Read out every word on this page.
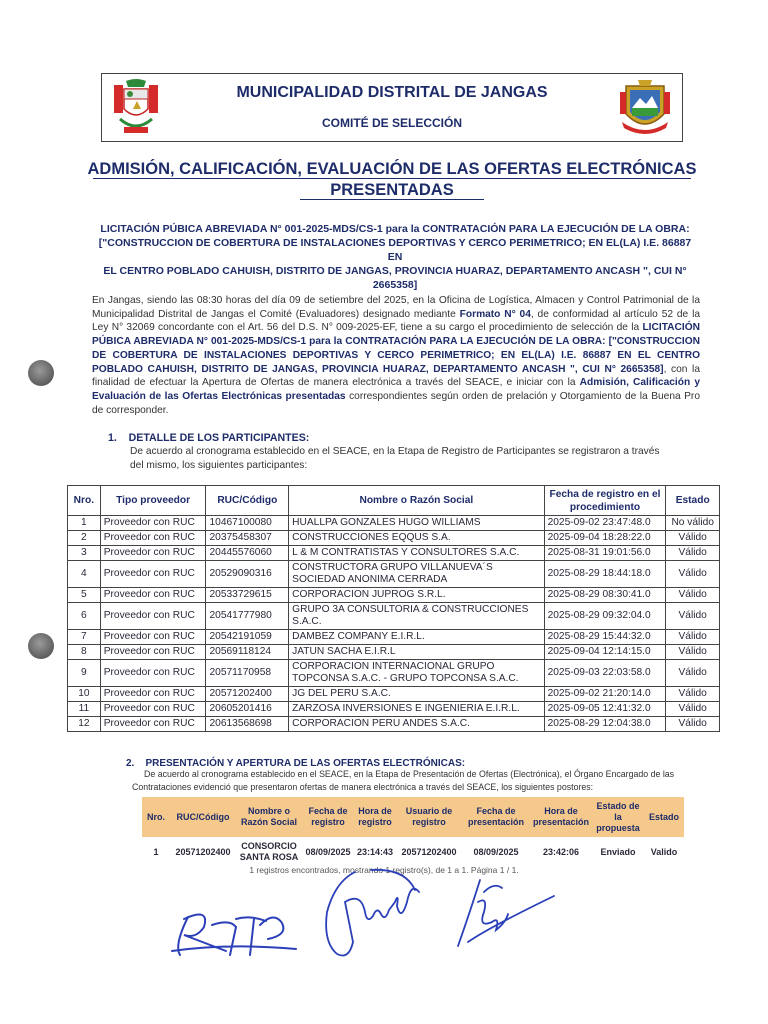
MUNICIPALIDAD DISTRITAL DE JANGAS
COMITÉ DE SELECCIÓN
ADMISIÓN, CALIFICACIÓN, EVALUACIÓN DE LAS OFERTAS ELECTRÓNICAS
PRESENTADAS
LICITACIÓN PÚBICA ABREVIADA N° 001-2025-MDS/CS-1 para la CONTRATACIÓN PARA LA EJECUCIÓN DE LA OBRA:
["CONSTRUCCION DE COBERTURA DE INSTALACIONES DEPORTIVAS Y CERCO PERIMETRICO; EN EL(LA) I.E. 86887 EN
EL CENTRO POBLADO CAHUISH, DISTRITO DE JANGAS, PROVINCIA HUARAZ, DEPARTAMENTO ANCASH ", CUI N°
2665358]
En Jangas, siendo las 08:30 horas del día 09 de setiembre del 2025, en la Oficina de Logística, Almacen y Control Patrimonial de la Municipalidad Distrital de Jangas el Comité (Evaluadores) designado mediante Formato N° 04, de conformidad al artículo 52 de la Ley N° 32069 concordante con el Art. 56 del D.S. N° 009-2025-EF, tiene a su cargo el procedimiento de selección de la LICITACIÓN PÚBICA ABREVIADA N° 001-2025-MDS/CS-1 para la CONTRATACIÓN PARA LA EJECUCIÓN DE LA OBRA: ["CONSTRUCCION DE COBERTURA DE INSTALACIONES DEPORTIVAS Y CERCO PERIMETRICO; EN EL(LA) I.E. 86887 EN EL CENTRO POBLADO CAHUISH, DISTRITO DE JANGAS, PROVINCIA HUARAZ, DEPARTAMENTO ANCASH ", CUI N° 2665358], con la finalidad de efectuar la Apertura de Ofertas de manera electrónica a través del SEACE, e iniciar con la Admisión, Calificación y Evaluación de las Ofertas Electrónicas presentadas correspondientes según orden de prelación y Otorgamiento de la Buena Pro de corresponder.
1.    DETALLE DE LOS PARTICIPANTES:
De acuerdo al cronograma establecido en el SEACE, en la Etapa de Registro de Participantes se registraron a través
del mismo, los siguientes participantes:
Nro.	Tipo proveedor	RUC/Código	Nombre o Razón Social	Fecha de registro en el procedimiento	Estado
1	Proveedor con RUC	10467100080	HUALLPA GONZALES HUGO WILLIAMS	2025-09-02 23:47:48.0	No válido
2	Proveedor con RUC	20375458307	CONSTRUCCIONES EQQUS S.A.	2025-09-04 18:28:22.0	Válido
3	Proveedor con RUC	20445576060	L & M CONTRATISTAS Y CONSULTORES S.A.C.	2025-08-31 19:01:56.0	Válido
4	Proveedor con RUC	20529090316	CONSTRUCTORA GRUPO VILLANUEVA´S SOCIEDAD ANONIMA CERRADA	2025-08-29 18:44:18.0	Válido
5	Proveedor con RUC	20533729615	CORPORACION JUPROG S.R.L.	2025-08-29 08:30:41.0	Válido
6	Proveedor con RUC	20541777980	GRUPO 3A CONSULTORIA & CONSTRUCCIONES S.A.C.	2025-08-29 09:32:04.0	Válido
7	Proveedor con RUC	20542191059	DAMBEZ COMPANY E.I.R.L.	2025-08-29 15:44:32.0	Válido
8	Proveedor con RUC	20569118124	JATUN SACHA E.I.R.L	2025-09-04 12:14:15.0	Válido
9	Proveedor con RUC	20571170958	CORPORACION INTERNACIONAL GRUPO TOPCONSA S.A.C. - GRUPO TOPCONSA S.A.C.	2025-09-03 22:03:58.0	Válido
10	Proveedor con RUC	20571202400	JG DEL PERU S.A.C.	2025-09-02 21:20:14.0	Válido
11	Proveedor con RUC	20605201416	ZARZOSA INVERSIONES E INGENIERIA E.I.R.L.	2025-09-05 12:41:32.0	Válido
12	Proveedor con RUC	20613568698	CORPORACION PERU ANDES S.A.C.	2025-08-29 12:04:38.0	Válido
2.    PRESENTACIÓN Y APERTURA DE LAS OFERTAS ELECTRÓNICAS:
De acuerdo al cronograma establecido en el SEACE, en la Etapa de Presentación de Ofertas (Electrónica), el Órgano Encargado de las
Contrataciones evidenció que presentaron ofertas de manera electrónica a través del SEACE, los siguientes postores:
Nro.	RUC/Código	Nombre o Razón Social	Fecha de registro	Hora de registro	Usuario de registro	Fecha de presentación	Hora de presentación	Estado de la propuesta	Estado
1	20571202400	CONSORCIO SANTA ROSA	08/09/2025	23:14:43	20571202400	08/09/2025	23:42:06	Enviado	Valido
1 registros encontrados, mostrando 1 registro(s), de 1 a 1. Página 1 / 1.
